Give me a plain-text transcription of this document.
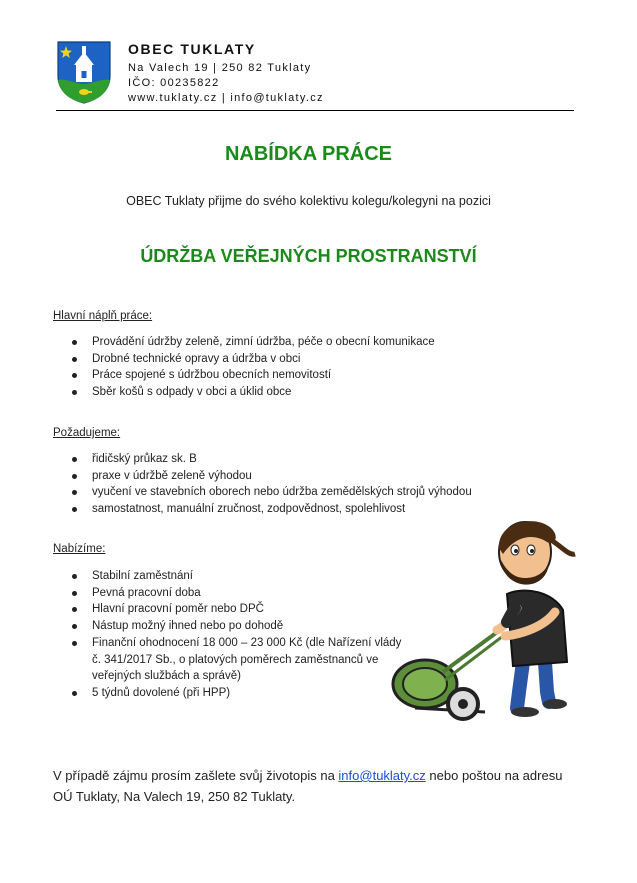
OBEC TUKLATY
Na Valech 19 | 250 82 Tuklaty
IČO: 00235822
www.tuklaty.cz | info@tuklaty.cz
NABÍDKA PRÁCE
OBEC Tuklaty přijme do svého kolektivu kolegu/kolegyni na pozici
ÚDRŽBA VEŘEJNÝCH PROSTRANSTVÍ
Hlavní náplň práce:
Provádění údržby zeleně, zimní údržba, péče o obecní komunikace
Drobné technické opravy a údržba v obci
Práce spojené s údržbou obecních nemovitostí
Sběr košů s odpady v obci a úklid obce
Požadujeme:
řidičský průkaz sk. B
praxe v údržbě zeleně výhodou
vyučení ve stavebních oborech nebo údržba zemědělských strojů výhodou
samostatnost, manuální zručnost, zodpovědnost, spolehlivost
Nabízíme:
Stabilní zaměstnání
Pevná pracovní doba
Hlavní pracovní poměr nebo DPČ
Nástup možný ihned nebo po dohodě
Finanční ohodnocení 18 000 – 23 000 Kč (dle Nařízení vlády č. 341/2017 Sb., o platových poměrech zaměstnanců ve veřejných službách a správě)
5 týdnů dovolené (při HPP)
V případě zájmu prosím zašlete svůj životopis na info@tuklaty.cz nebo poštou na adresu OÚ Tuklaty, Na Valech 19, 250 82 Tuklaty.
